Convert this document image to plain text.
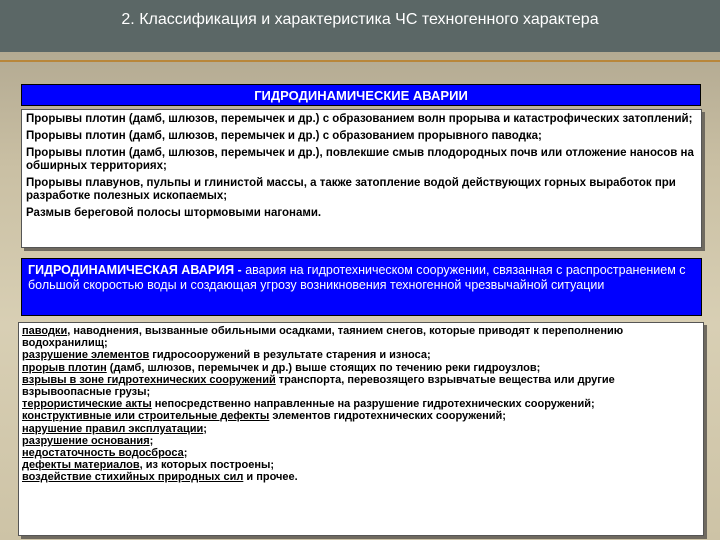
2. Классификация и характеристика ЧС техногенного характера
ГИДРОДИНАМИЧЕСКИЕ АВАРИИ

Прорывы плотин (дамб, шлюзов, перемычек и др.) с образованием волн прорыва и катастрофических затоплений;

Прорывы плотин (дамб, шлюзов, перемычек и др.) с образованием прорывного паводка;

Прорывы плотин (дамб, шлюзов, перемычек и др.), повлекшие смыв плодородных почв или отложение наносов на обширных территориях;

Прорывы плавунов, пульпы и глинистой массы, а также затопление водой действующих горных выработок при разработке полезных ископаемых;

Размыв береговой полосы штормовыми нагонами.

ГИДРОДИНАМИЧЕСКАЯ АВАРИЯ - авария на гидротехническом сооружении, связанная с распространением с большой скоростью воды и создающая угрозу возникновения техногенной чрезвычайной ситуации

паводки, наводнения, вызванные обильными осадками, таянием снегов, которые приводят к переполнению водохранилищ;

разрушение элементов гидросооружений в результате старения и износа;

прорыв плотин (дамб, шлюзов, перемычек и др.) выше стоящих по течению реки гидроузлов;

взрывы в зоне гидротехнических сооружений транспорта, перевозящего взрывчатые вещества или другие взрывоопасные грузы;

террористические акты непосредственно направленные на разрушение гидротехнических сооружений;

конструктивные или строительные дефекты элементов гидротехнических сооружений;

нарушение правил эксплуатации;

разрушение основания;

недостаточность водосброса;

дефекты материалов, из которых построены;

воздействие стихийных природных сил и прочее.
